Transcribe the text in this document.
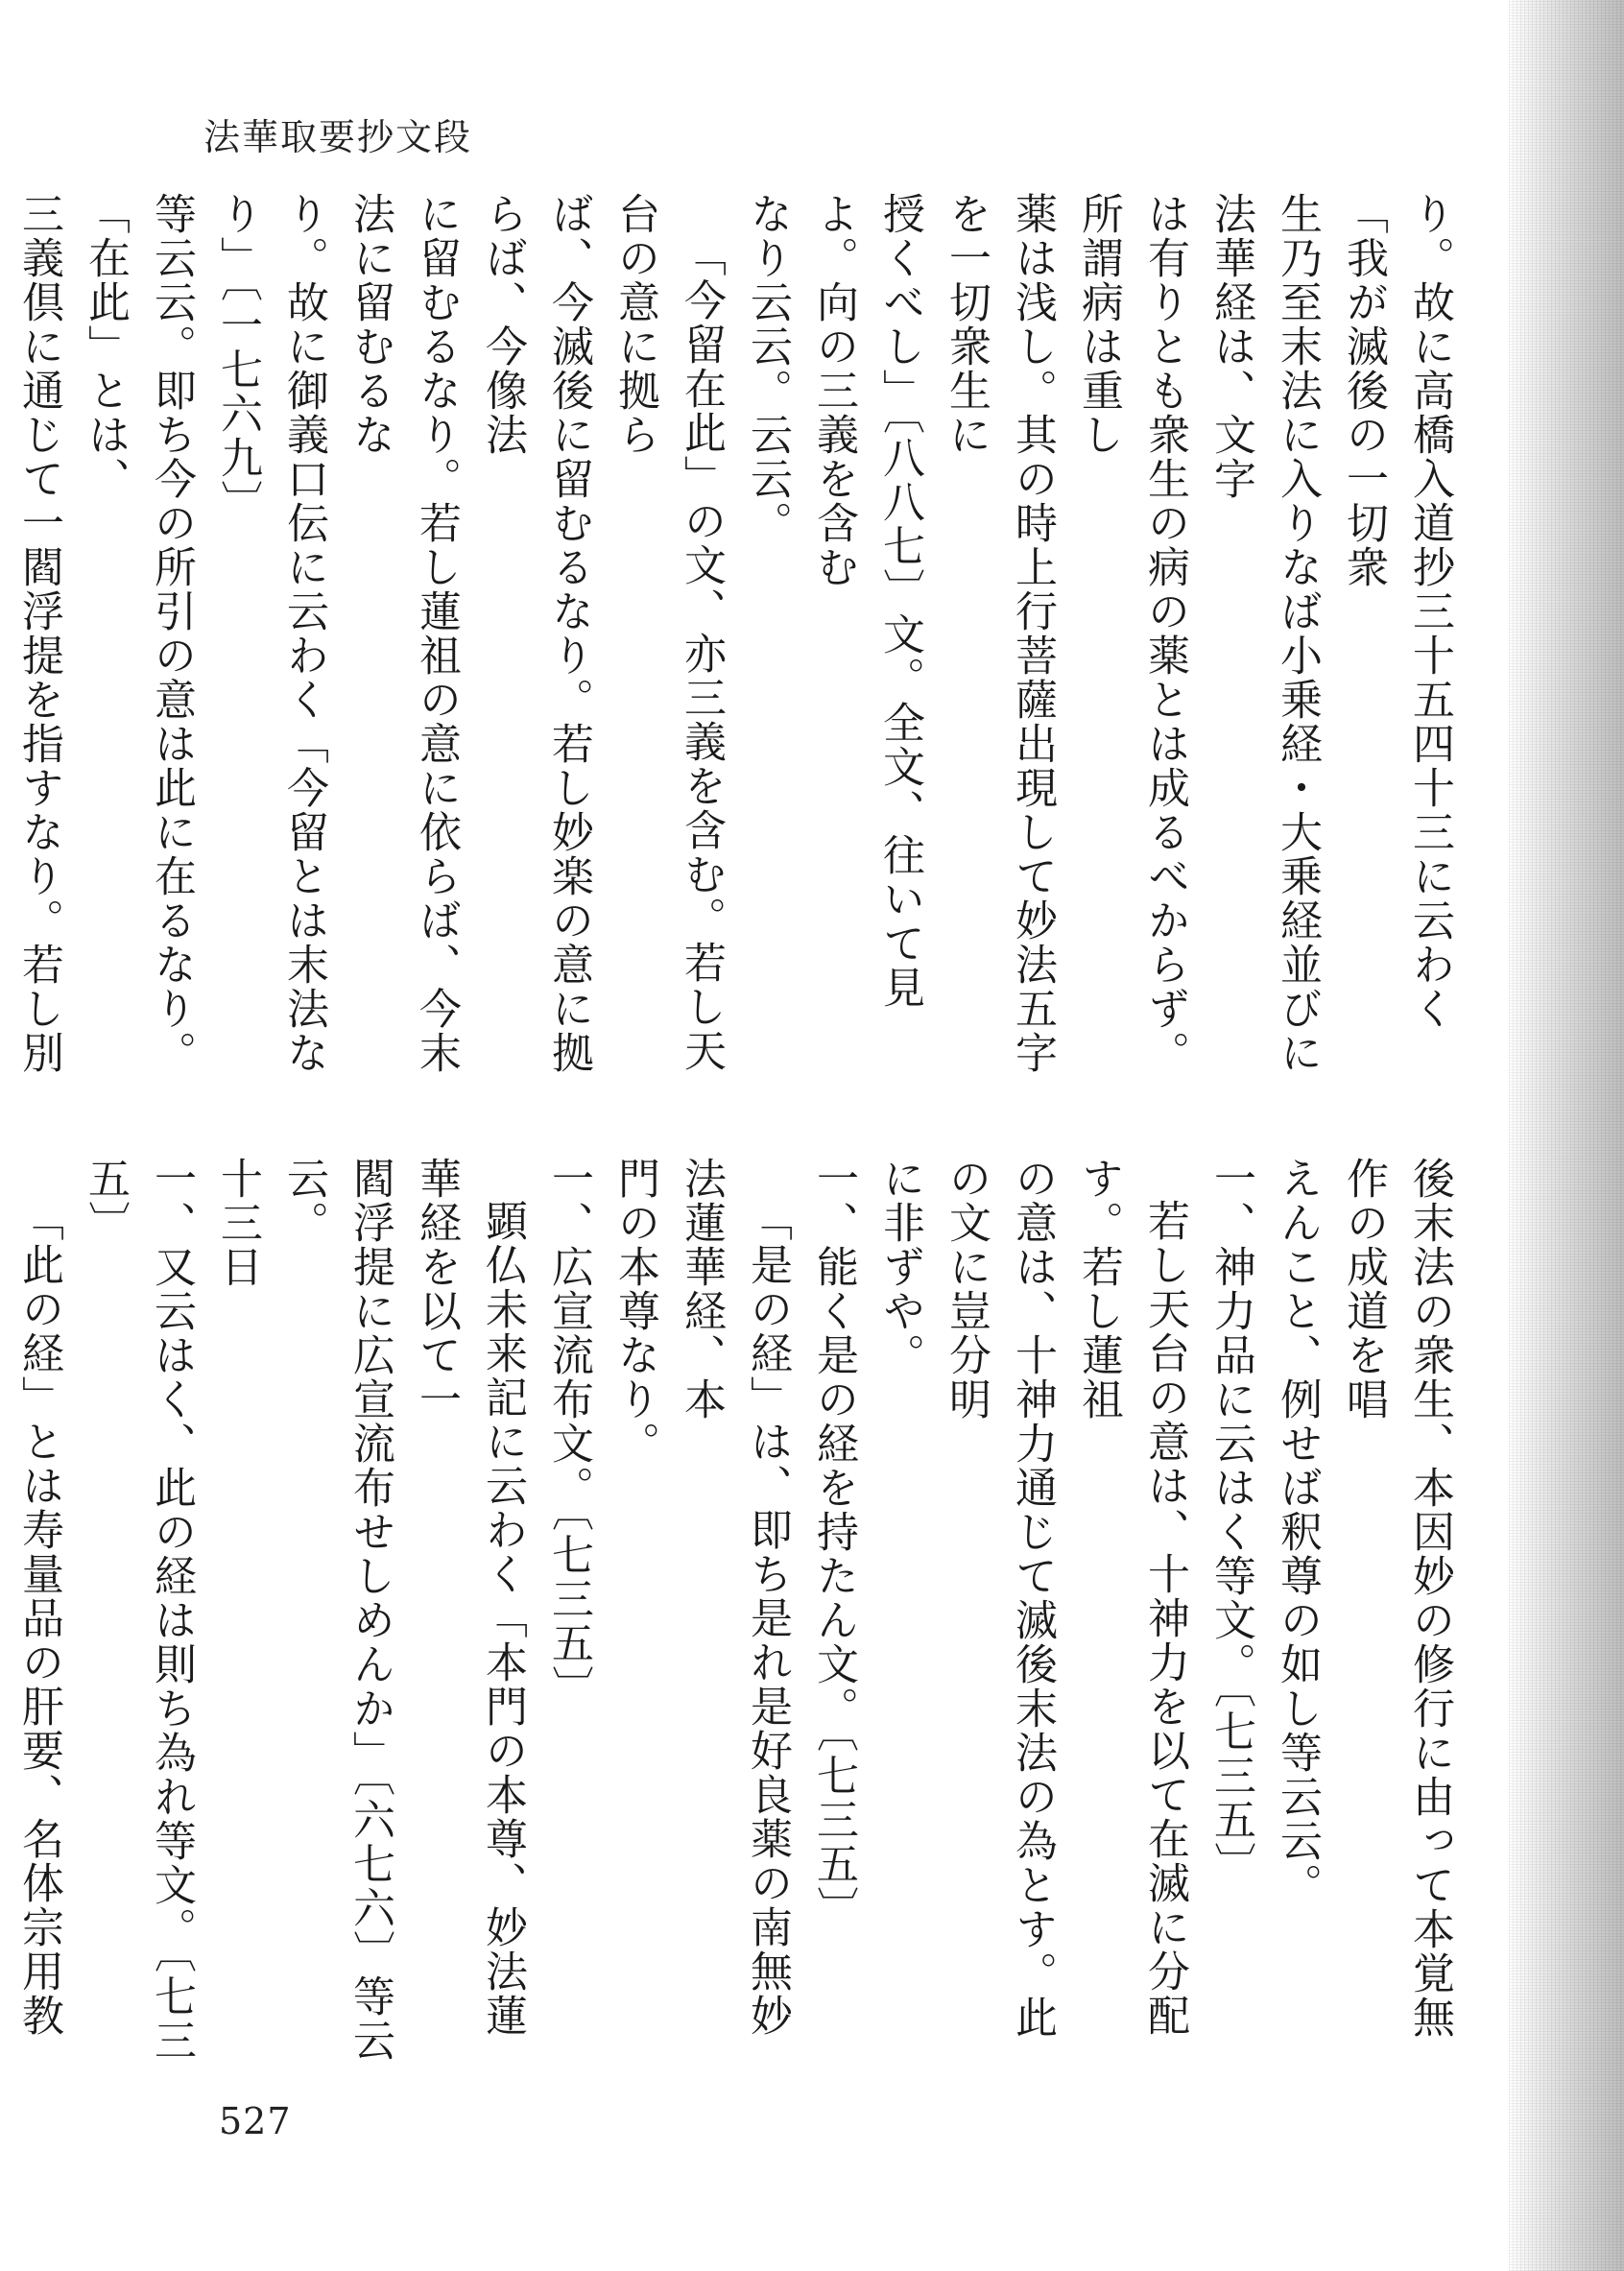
法華取要抄文段

り。故に高橋入道抄三十五四十三に云わく「我が滅後の一切衆

生乃至末法に入りなば小乗経・大乗経並びに法華経は、文字

は有りとも衆生の病の薬とは成るべからず。所謂病は重し

薬は浅し。其の時上行菩薩出現して妙法五字を一切衆生に

授くべし」〔八八七〕文。全文、往いて見よ。向の三義を含む

なり云云。云云。

「今留在此」の文、亦三義を含む。若し天台の意に拠ら

ば、今滅後に留むるなり。若し妙楽の意に拠らば、今像法

に留むるなり。若し蓮祖の意に依らば、今末法に留むるな

り。故に御義口伝に云わく「今留とは末法なり」〔一七六九〕

等云云。即ち今の所引の意は此に在るなり。「在此」とは、

三義倶に通じて一閻浮提を指すなり。若し別

後末法の衆生、本因妙の修行に由って本覚無作の成道を唱

えんこと、例せば釈尊の如し等云云。

一、神力品に云はく等文。〔七三五〕

若し天台の意は、十神力を以て在滅に分配す。若し蓮祖

の意は、十神力通じて滅後末法の為とす。此の文に豈分明

に非ずや。

一、能く是の経を持たん文。〔七三五〕

「是の経」は、即ち是れ是好良薬の南無妙法蓮華経、本

門の本尊なり。

一、広宣流布文。〔七三五〕

顕仏未来記に云わく「本門の本尊、妙法蓮華経を以て一

閻浮提に広宣流布せしめんか」〔六七六〕等云云。

十三日

一、又云はく、此の経は則ち為れ等文。〔七三五〕

「此の経」とは寿量品の肝要、名体宗用教

527
